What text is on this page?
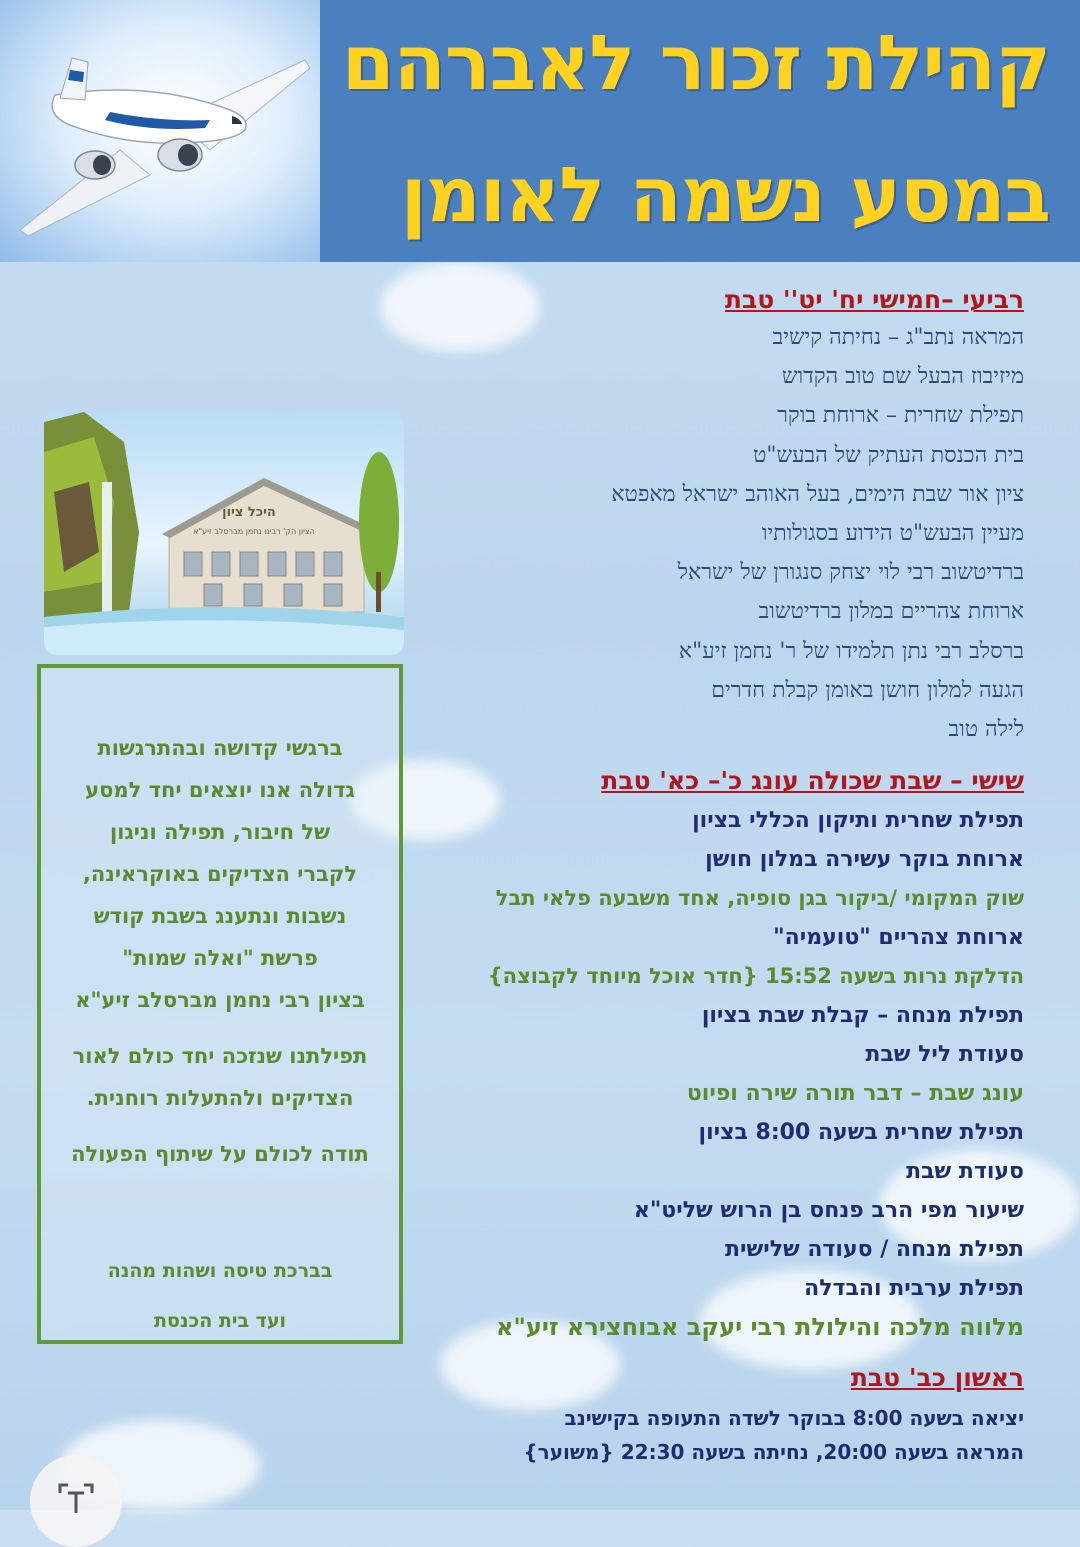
קהילת זכור לאברהם
במסע נשמה לאומן
היכל ציון
הציון הק' רבינו נחמן מברסלב זיע"א
רביעי –חמישי יח' יט'' טבת
המראה נתב"ג – נחיתה קישיב
מיזיבוז הבעל שם טוב הקדוש
תפילת שחרית – ארוחת בוקר
בית הכנסת העתיק של הבעש"ט
ציון אור שבת הימים, בעל האוהב ישראל מאפטא
מעיין הבעש"ט הידוע בסגולותיו
ברדיטשוב רבי לוי יצחק סנגורן של ישראל
ארוחת צהריים במלון ברדיטשוב
ברסלב רבי נתן תלמידו של ר' נחמן זיע"א
הגעה למלון חושן באומן קבלת חדרים
לילה טוב
שישי – שבת שכולה עונג כ'– כא' טבת
תפילת שחרית ותיקון הכללי בציון
ארוחת בוקר עשירה במלון חושן
שוק המקומי /ביקור בגן סופיה, אחד משבעה פלאי תבל
ארוחת צהריים "טועמיה"
הדלקת נרות בשעה 15:52 {חדר אוכל מיוחד לקבוצה}
תפילת מנחה – קבלת שבת בציון
סעודת ליל שבת
עונג שבת – דבר תורה שירה ופיוט
תפילת שחרית בשעה 8:00 בציון
סעודת שבת
שיעור מפי הרב פנחס בן הרוש שליט"א
תפילת מנחה / סעודה שלישית
תפילת ערבית והבדלה
מלווה מלכה והילולת רבי יעקב אבוחצירא זיע"א
ראשון כב' טבת
יציאה בשעה 8:00 בבוקר לשדה התעופה בקישינב
המראה בשעה 20:00, נחיתה בשעה 22:30 {משוער}
ברגשי קדושה ובהתרגשות
גדולה אנו יוצאים יחד למסע
של חיבור, תפילה וניגון
לקברי הצדיקים באוקראינה,
נשבות ונתענג בשבת קודש
פרשת "ואלה שמות"
בציון רבי נחמן מברסלב זיע"א
תפילתנו שנזכה יחד כולם לאור
הצדיקים ולהתעלות רוחנית.
תודה לכולם על שיתוף הפעולה
בברכת טיסה ושהות מהנה
ועד בית הכנסת
